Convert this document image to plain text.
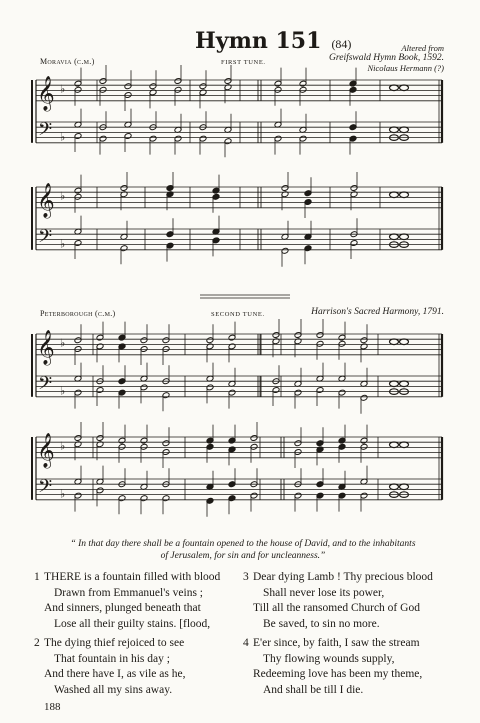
Hymn 151 (84)	Altered from
Greifswald Hymn Book, 1592.
Nicolaus Hermann (?)
Moravia (c.m.)	FIRST TUNE.
Peterborough (c.m.)	SECOND TUNE.	Harrison's Sacred Harmony, 1791.
𝄞 ♭
𝄢 ♭
𝄞 ♭
𝄢 ♭
𝄞 ♭
𝄢 ♭
𝄞 ♭
𝄢 ♭
“ In that day there shall be a fountain opened to the house of David, and to the inhabitants
of Jerusalem, for sin and for uncleanness.”
1 THERE is a fountain filled with blood
Drawn from Emmanuel's veins ;
And sinners, plunged beneath that
Lose all their guilty stains. [flood,
2 The dying thief rejoiced to see
That fountain in his day ;
And there have I, as vile as he,
Washed all my sins away.
3 Dear dying Lamb ! Thy precious blood
Shall never lose its power,
Till all the ransomed Church of God
Be saved, to sin no more.
4 E'er since, by faith, I saw the stream
Thy flowing wounds supply,
Redeeming love has been my theme,
And shall be till I die.
188
